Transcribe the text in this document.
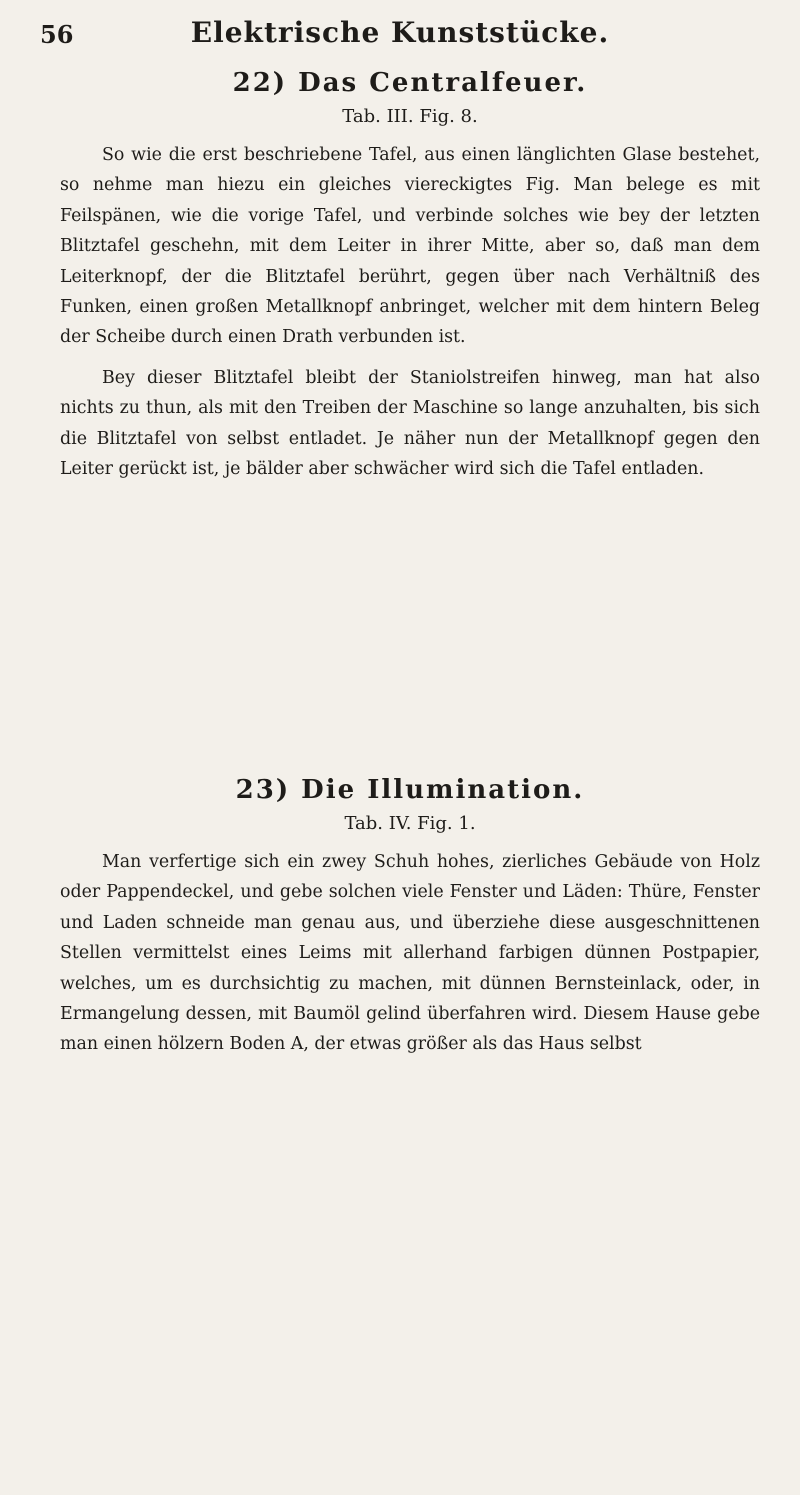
56	Elektrische Kunststücke.
22) Das Centralfeuer.
Tab. III. Fig. 8.

So wie die erst beschriebene Tafel, aus einen länglichten Glase bestehet, so nehme man hiezu ein gleiches viereckigtes Fig. Man belege es mit Feilspänen, wie die vorige Tafel, und verbinde solches wie bey der letzten Blitztafel geschehn, mit dem Leiter in ihrer Mitte, aber so, daß man dem Leiterknopf, der die Blitztafel berührt, gegen über nach Verhältniß des Funken, einen großen Metallknopf anbringet, welcher mit dem hintern Beleg der Scheibe durch einen Drath verbunden ist.

Bey dieser Blitztafel bleibt der Staniolstreifen hinweg, man hat also nichts zu thun, als mit den Treiben der Maschine so lange anzuhalten, bis sich die Blitztafel von selbst entladet. Je näher nun der Metallknopf gegen den Leiter gerückt ist, je bälder aber schwächer wird sich die Tafel entladen.

23) Die Illumination.
Tab. IV. Fig. 1.

Man verfertige sich ein zwey Schuh hohes, zierliches Gebäude von Holz oder Pappendeckel, und gebe solchen viele Fenster und Läden: Thüre, Fenster und Laden schneide man genau aus, und überziehe diese ausgeschnittenen Stellen vermittelst eines Leims mit allerhand farbigen dünnen Postpapier, welches, um es durchsichtig zu machen, mit dünnen Bernsteinlack, oder, in Ermangelung dessen, mit Baumöl gelind überfahren wird. Diesem Hause gebe man einen hölzern Boden A, der etwas größer als das Haus selbst
